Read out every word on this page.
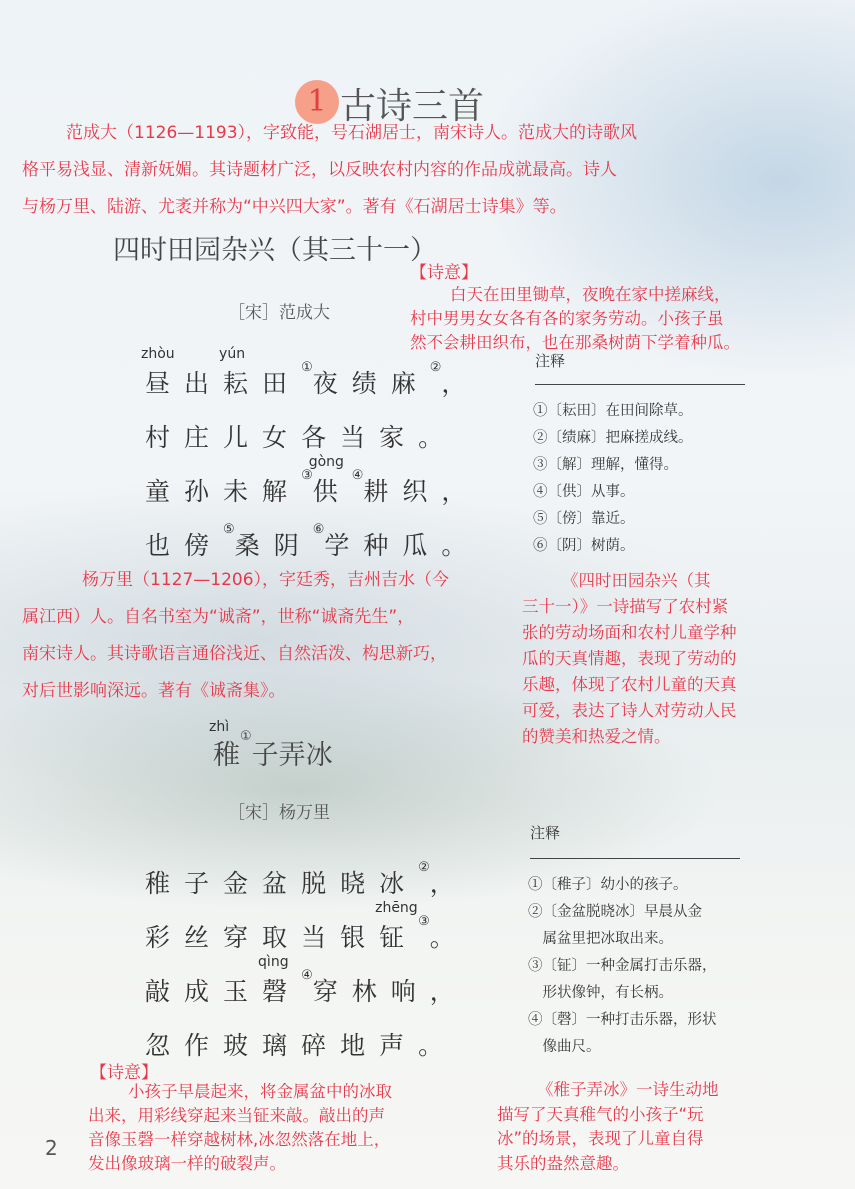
1 古诗三首
范成大（1126—1193），字致能，号石湖居士，南宋诗人。范成大的诗歌风
格平易浅显、清新妩媚。其诗题材广泛，以反映农村内容的作品成就最高。诗人
与杨万里、陆游、尤袤并称为“中兴四大家”。著有《石湖居士诗集》等。
四时田园杂兴（其三十一）
【诗意】
白天在田里锄草，夜晚在家中搓麻线，
村中男男女女各有各的家务劳动。小孩子虽
然不会耕田织布，也在那桑树荫下学着种瓜。
［宋］范成大
昼
zhòu
出 耘
yún
田①
夜 绩 麻②
，
村 庄 儿 女 各 当 家 。
童 孙 未 解③
供
gòng
④
耕 织 ，
也 傍⑤
桑 阴⑥
学 种 瓜 。
注释
①〔耘田〕在田间除草。
②〔绩麻〕把麻搓成线。
③〔解〕理解，懂得。
④〔供〕从事。
⑤〔傍〕靠近。
⑥〔阴〕树荫。
杨万里（1127—1206），字廷秀，吉州吉水（今
属江西）人。自名书室为“诚斋”，世称“诚斋先生”，
南宋诗人。其诗歌语言通俗浅近、自然活泼、构思新巧，
对后世影响深远。著有《诚斋集》。
《四时田园杂兴（其
三十一）》一诗描写了农村紧
张的劳动场面和农村儿童学种
瓜的天真情趣，表现了劳动的
乐趣，体现了农村儿童的天真
可爱，表达了诗人对劳动人民
的赞美和热爱之情。
zhì
稚①子弄冰
［宋］杨万里
注释
①〔稚子〕幼小的孩子。
②〔金盆脱晓冰〕早晨从金
　属盆里把冰取出来。
③〔钲〕一种金属打击乐器，
　形状像钟，有长柄。
④〔磬〕一种打击乐器，形状
　像曲尺。
稚 子 金 盆 脱 晓 冰②
，
彩 丝 穿 取 当 银 钲
zhēng
③
。
敲 成 玉 磬
qìng
④
穿 林 响 ，
忽 作 玻 璃 碎 地 声 。
【诗意】
小孩子早晨起来，将金属盆中的冰取
出来，用彩线穿起来当钲来敲。敲出的声
音像玉磬一样穿越树林,冰忽然落在地上，
发出像玻璃一样的破裂声。
《稚子弄冰》一诗生动地
描写了天真稚气的小孩子“玩
冰”的场景，表现了儿童自得
其乐的盎然意趣。
2
